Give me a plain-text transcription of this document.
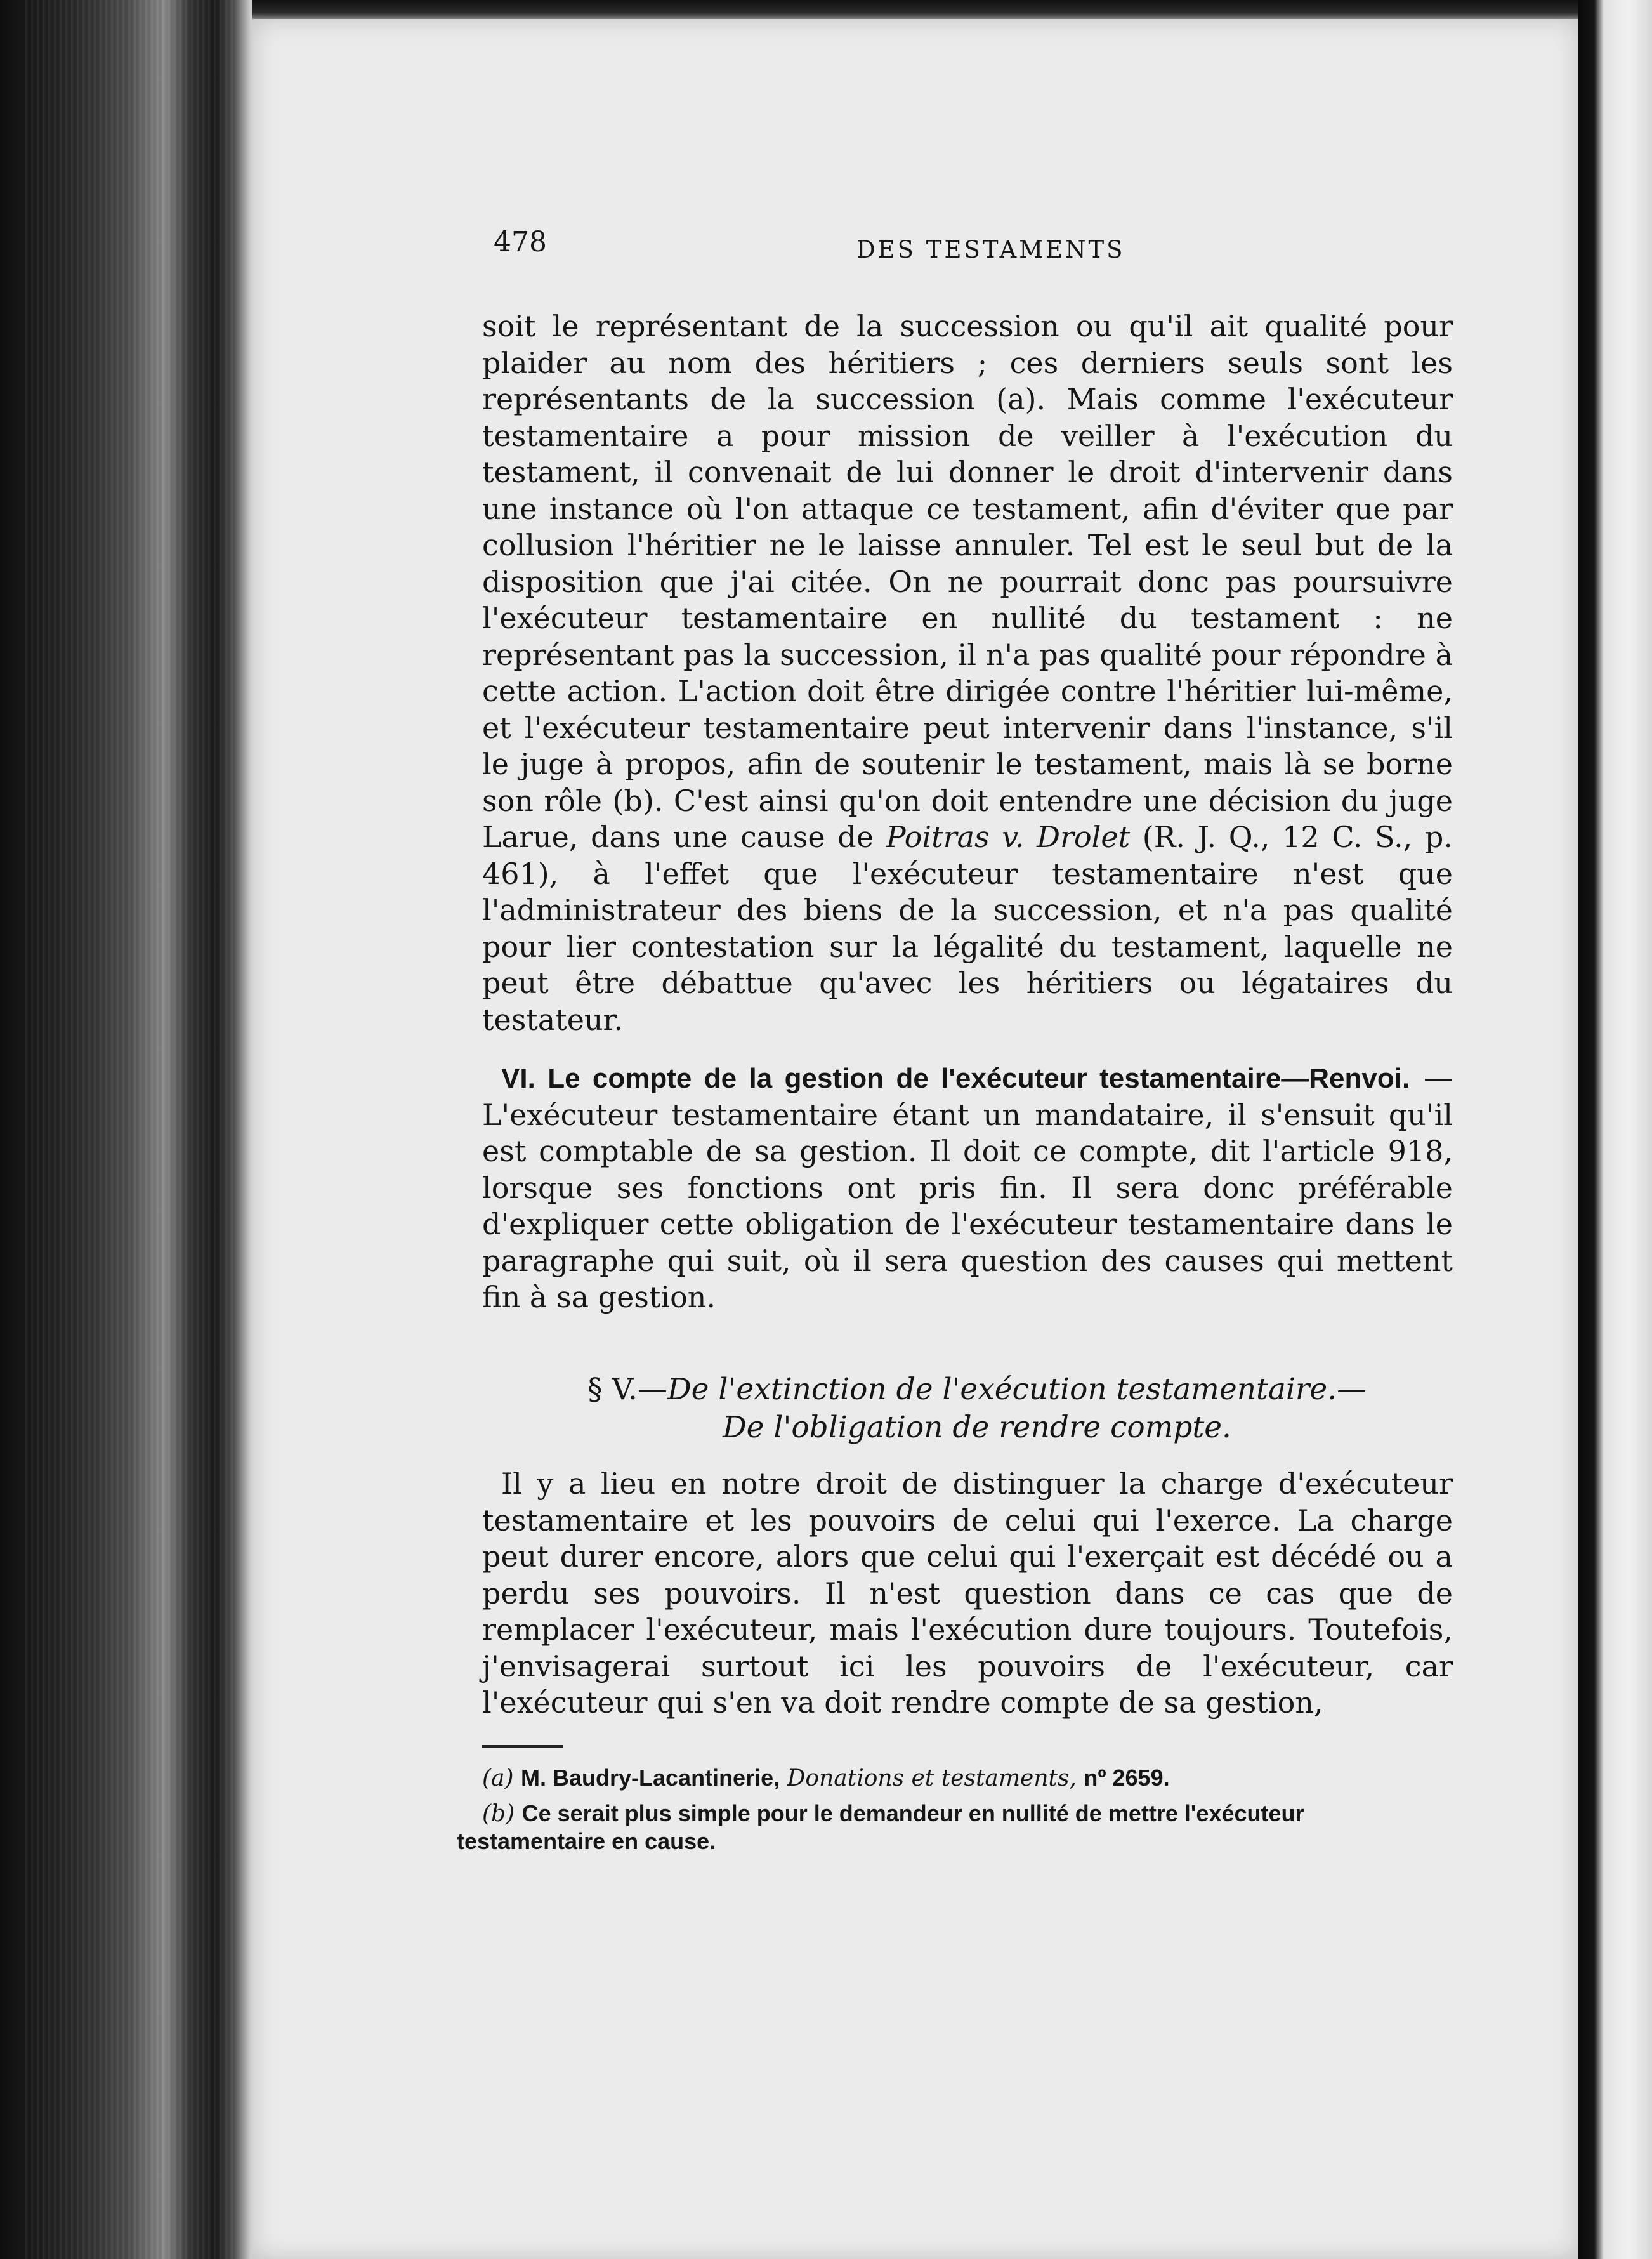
478	DES TESTAMENTS

soit le représentant de la succession ou qu'il ait qualité pour plaider au nom des héritiers ; ces derniers seuls sont les représentants de la succession (a). Mais comme l'exécuteur testamentaire a pour mission de veiller à l'exécution du testament, il convenait de lui donner le droit d'intervenir dans une instance où l'on attaque ce testament, afin d'éviter que par collusion l'héritier ne le laisse annuler. Tel est le seul but de la disposition que j'ai citée. On ne pourrait donc pas poursuivre l'exécuteur testamentaire en nullité du testament : ne représentant pas la succession, il n'a pas qualité pour répondre à cette action. L'action doit être dirigée contre l'héritier lui-même, et l'exécuteur testamentaire peut intervenir dans l'instance, s'il le juge à propos, afin de soutenir le testament, mais là se borne son rôle (b). C'est ainsi qu'on doit entendre une décision du juge Larue, dans une cause de Poitras v. Drolet (R. J. Q., 12 C. S., p. 461), à l'effet que l'exécuteur testamentaire n'est que l'administrateur des biens de la succession, et n'a pas qualité pour lier contestation sur la légalité du testament, laquelle ne peut être débattue qu'avec les héritiers ou légataires du testateur.

VI. Le compte de la gestion de l'exécuteur testamentaire—Renvoi. —L'exécuteur testamentaire étant un mandataire, il s'ensuit qu'il est comptable de sa gestion. Il doit ce compte, dit l'article 918, lorsque ses fonctions ont pris fin. Il sera donc préférable d'expliquer cette obligation de l'exécuteur testamentaire dans le paragraphe qui suit, où il sera question des causes qui mettent fin à sa gestion.

§ V.—De l'extinction de l'exécution testamentaire.—
De l'obligation de rendre compte.

Il y a lieu en notre droit de distinguer la charge d'exécuteur testamentaire et les pouvoirs de celui qui l'exerce. La charge peut durer encore, alors que celui qui l'exerçait est décédé ou a perdu ses pouvoirs. Il n'est question dans ce cas que de remplacer l'exécuteur, mais l'exécution dure toujours. Toutefois, j'envisagerai surtout ici les pouvoirs de l'exécuteur, car l'exécuteur qui s'en va doit rendre compte de sa gestion,

(a) M. Baudry-Lacantinerie, Donations et testaments, nº 2659.

(b) Ce serait plus simple pour le demandeur en nullité de mettre l'exécuteur testamentaire en cause.
